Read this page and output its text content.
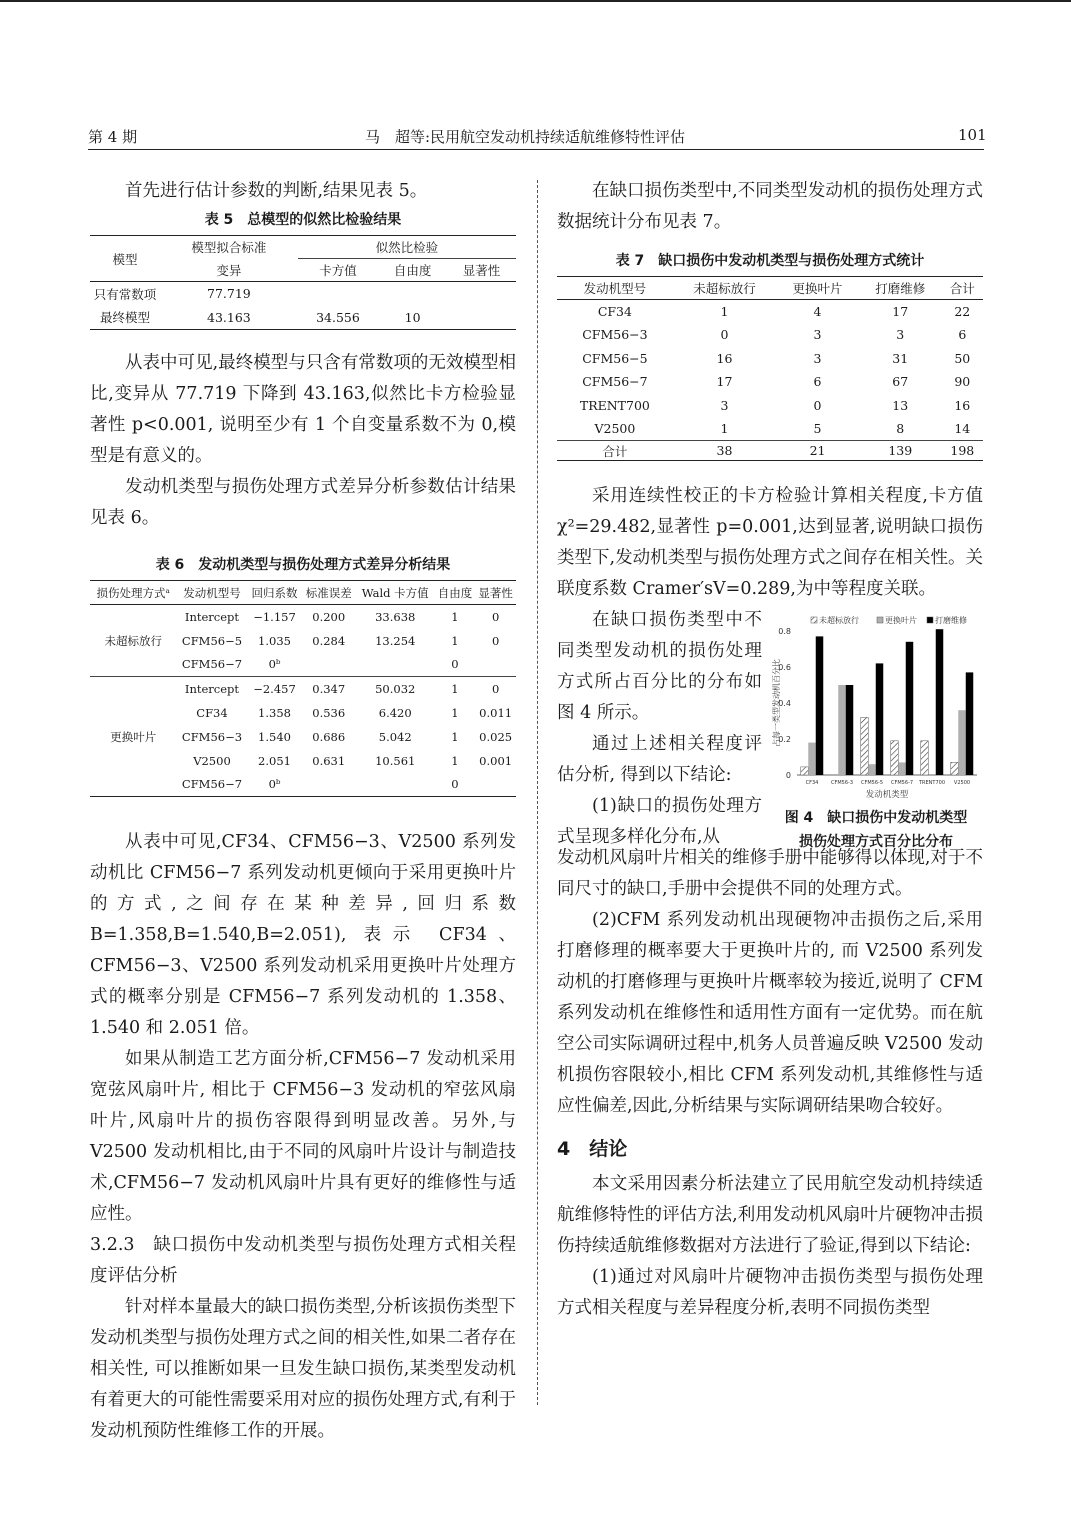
第 4 期	马　超等:民用航空发动机持续适航维修特性评估	101

首先进行估计参数的判断,结果见表 5。

表 5　总模型的似然比检验结果
模型	模型拟合标准	似然比检验		
	变异	卡方值	自由度	显著性
只有常数项	77.719			
最终模型	43.163	34.556	10	

从表中可见,最终模型与只含有常数项的无效模型相比,变异从 77.719 下降到 43.163,似然比卡方检验显著性 p<0.001, 说明至少有 1 个自变量系数不为 0,模型是有意义的。

发动机类型与损伤处理方式差异分析参数估计结果见表 6。

表 6　发动机类型与损伤处理方式差异分析结果
损伤处理方式ᵃ	发动机型号	回归系数	标准误差	Wald 卡方值	自由度	显著性
未超标放行	Intercept	−1.157	0.200	33.638	1	0
	CFM56−5	1.035	0.284	13.254	1	0
	CFM56−7	0ᵇ			0	
更换叶片	Intercept	−2.457	0.347	50.032	1	0
	CF34	1.358	0.536	6.420	1	0.011
	CFM56−3	1.540	0.686	5.042	1	0.025
	V2500	2.051	0.631	10.561	1	0.001
	CFM56−7	0ᵇ			0	

从表中可见,CF34、CFM56−3、V2500 系列发动机比 CFM56−7 系列发动机更倾向于采用更换叶片的方式,之间存在某种差异,回归系数 B=1.358,B=1.540,B=2.051), 表示 CF34、CFM56−3、V2500 系列发动机采用更换叶片处理方式的概率分别是 CFM56−7 系列发动机的 1.358、1.540 和 2.051 倍。

如果从制造工艺方面分析,CFM56−7 发动机采用宽弦风扇叶片, 相比于 CFM56−3 发动机的窄弦风扇叶片,风扇叶片的损伤容限得到明显改善。另外,与 V2500 发动机相比,由于不同的风扇叶片设计与制造技术,CFM56−7 发动机风扇叶片具有更好的维修性与适应性。

3.2.3　缺口损伤中发动机类型与损伤处理方式相关程度评估分析

针对样本量最大的缺口损伤类型,分析该损伤类型下发动机类型与损伤处理方式之间的相关性,如果二者存在相关性, 可以推断如果一旦发生缺口损伤,某类型发动机有着更大的可能性需要采用对应的损伤处理方式,有利于发动机预防性维修工作的开展。

在缺口损伤类型中,不同类型发动机的损伤处理方式数据统计分布见表 7。

表 7　缺口损伤中发动机类型与损伤处理方式统计
发动机型号	未超标放行	更换叶片	打磨维修	合计
CF34	1	4	17	22
CFM56−3	0	3	3	6
CFM56−5	16	3	31	50
CFM56−7	17	6	67	90
TRENT700	3	0	13	16
V2500	1	5	8	14
合计	38	21	139	198

采用连续性校正的卡方检验计算相关程度,卡方值χ²=29.482,显著性 p=0.001,达到显著,说明缺口损伤类型下,发动机类型与损伤处理方式之间存在相关性。关联度系数 Cramer′sV=0.289,为中等程度关联。

在缺口损伤类型中不同类型发动机的损伤处理方式所占百分比的分布如图 4 所示。

通过上述相关程度评估分析, 得到以下结论:

(1)缺口的损伤处理方式呈现多样化分布,从

0
0.2
0.4
0.6
0.8
占每一类型发动机百分比
CF34	CFM56-3 CFM56-5 CFM56-7 TRENT700 V2500
发动机类型
未超标放行	更换叶片 打磨维修
图 4　缺口损伤中发动机类型
损伤处理方式百分比分布

发动机风扇叶片相关的维修手册中能够得以体现,对于不同尺寸的缺口,手册中会提供不同的处理方式。

(2)CFM 系列发动机出现硬物冲击损伤之后,采用打磨修理的概率要大于更换叶片的, 而 V2500 系列发动机的打磨修理与更换叶片概率较为接近,说明了 CFM 系列发动机在维修性和适用性方面有一定优势。而在航空公司实际调研过程中,机务人员普遍反映 V2500 发动机损伤容限较小,相比 CFM 系列发动机,其维修性与适应性偏差,因此,分析结果与实际调研结果吻合较好。

4　结论

本文采用因素分析法建立了民用航空发动机持续适航维修特性的评估方法,利用发动机风扇叶片硬物冲击损伤持续适航维修数据对方法进行了验证,得到以下结论:

(1)通过对风扇叶片硬物冲击损伤类型与损伤处理方式相关程度与差异程度分析,表明不同损伤类型
